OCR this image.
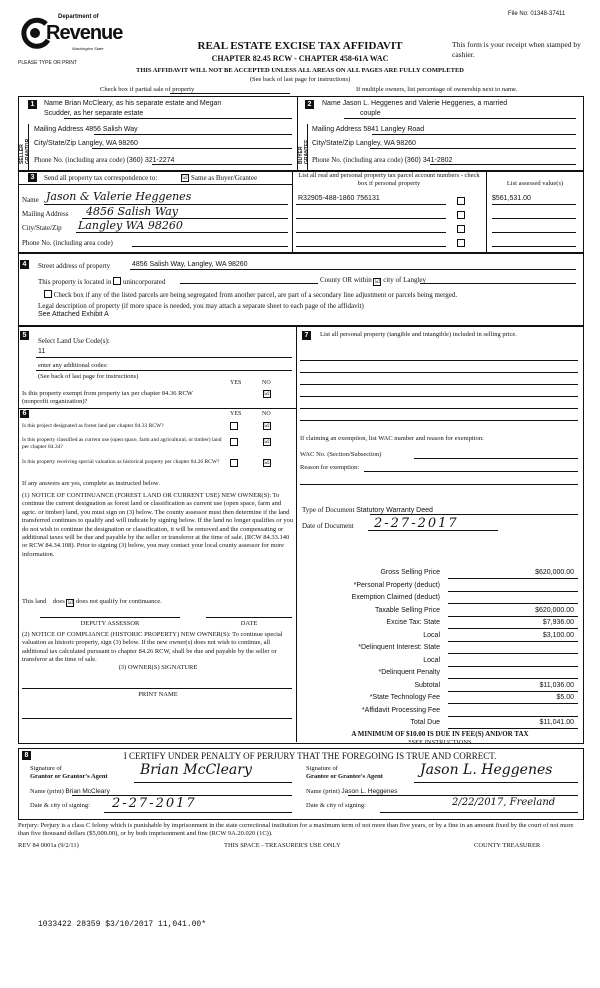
File No: 01348-37411
Department of
Revenue
Washington State
PLEASE TYPE OR PRINT
REAL ESTATE EXCISE TAX AFFIDAVIT
CHAPTER 82.45 RCW - CHAPTER 458-61A WAC
This form is your receipt when stamped by cashier.
THIS AFFIDAVIT WILL NOT BE ACCEPTED UNLESS ALL AREAS ON ALL PAGES ARE FULLY COMPLETED
(See back of last page for instructions)
Check box if partial sale of property	If multiple owners, list percentage of ownership next to name.
1
SELLER GRANTOR
Name Brian McCleary, as his separate estate and Megan
Scudder, as her separate estate
Mailing Address 4856 Salish Way
City/State/Zip Langley, WA 98260
Phone No. (including area code) (360) 321-2274
2
BUYER GRANTEE
Name Jason L. Heggenes and Valerie Heggenes, a married
couple
Mailing Address 5841 Langley Road
City/State/Zip Langley, WA 98260
Phone No. (including area code) (360) 341-2802
3	Send all property tax correspondence to:	☑ Same as Buyer/Grantee
Name Jason & Valerie Heggenes
Mailing Address 4856 Salish Way
City/State/Zip Langley WA 98260
Phone No. (including area code)
List all real and personal property tax parcel account numbers - check box if personal property	List assessed value(s)
R32905-488-1860 756131	$561,531.00
4	Street address of property	4856 Salish Way, Langley, WA 98260
This property is located in unincorporated	County OR within ☑ city of Langley
Check box if any of the listed parcels are being segregated from another parcel, are part of a secondary line adjustment or parcels being merged.
Legal description of property (if more space is needed, you may attach a separate sheet to each page of the affidavit)
See Attached Exhibit A
5
Select Land Use Code(s):
11
enter any additional codes:
(See back of last page for instructions)
YES	NO
Is this property exempt from property tax per chapter 84.36 RCW (nonprofit organization)?
☑
6	YES	NO
Is this project designated as forest land per chapter 84.33 RCW?	☑
Is this property classified as current use (open space, farm and agricultural, or timber) land per chapter 84.34?
☑
Is this property receiving special valuation as historical property per chapter 84.26 RCW?	☑
If any answers are yes, complete as instructed below.
(1) NOTICE OF CONTINUANCE (FOREST LAND OR CURRENT USE) NEW OWNER(S): To continue the current designation as forest land or classification as current use (open space, farm and agric. or timber) land, you must sign on (3) below. The county assessor must then determine if the land transferred continues to qualify and will indicate by signing below. If the land no longer qualifies or you do not wish to continue the designation or classification, it will be removed and the compensating or additional taxes will be due and payable by the seller or transferor at the time of sale. (RCW 84.33.140 or RCW 84.34.108). Prior to signing (3) below, you may contact your local county assessor for more information.
This land does ☑ does not qualify for continuance.
DEPUTY ASSESSOR	DATE
(2) NOTICE OF COMPLIANCE (HISTORIC PROPERTY) NEW OWNER(S): To continue special valuation as historic property, sign (3) below. If the new owner(s) does not wish to continue, all additional tax calculated pursuant to chapter 84.26 RCW, shall be due and payable by the seller or transferor at the time of sale.
(3) OWNER(S) SIGNATURE
PRINT NAME
7	List all personal property (tangible and intangible) included in selling price.
If claiming an exemption, list WAC number and reason for exemption:
WAC No. (Section/Subsection)
Reason for exemption:
Type of Document Statutory Warranty Deed
Date of Document 2-27-2017
Gross Selling Price	$620,000.00
*Personal Property (deduct)
Exemption Claimed (deduct)
Taxable Selling Price	$620,000.00
Excise Tax: State	$7,936.00
Local	$3,100.00
*Delinquent Interest: State
Local
*Delinquent Penalty
Subtotal	$11,036.00
*State Technology Fee	$5.00
*Affidavit Processing Fee
Total Due	$11,041.00
A MINIMUM OF $10.00 IS DUE IN FEE(S) AND/OR TAX
*SEE INSTRUCTIONS
8	I CERTIFY UNDER PENALTY OF PERJURY THAT THE FOREGOING IS TRUE AND CORRECT.
Signature of
Grantor or Grantor's Agent Brian McCleary
Name (print) Brian McCleary
Date & city of signing: 2-27-2017
Signature of
Grantee or Grantee's Agent	Jason L. Heggenes
Name (print) Jason L. Heggenes
Date & city of signing:	2/22/2017, Freeland
Perjury: Perjury is a class C felony which is punishable by imprisonment in the state correctional institution for a maximum term of not more than five years, or by a fine in an amount fixed by the court of not more than five thousand dollars ($5,000.00), or by both imprisonment and fine (RCW 9A.20.020 (1C)).
REV 84 0001a (9/2/11)	THIS SPACE - TREASURER'S USE ONLY	COUNTY TREASURER
1033422 28359 $3/10/2017 11,041.00*
